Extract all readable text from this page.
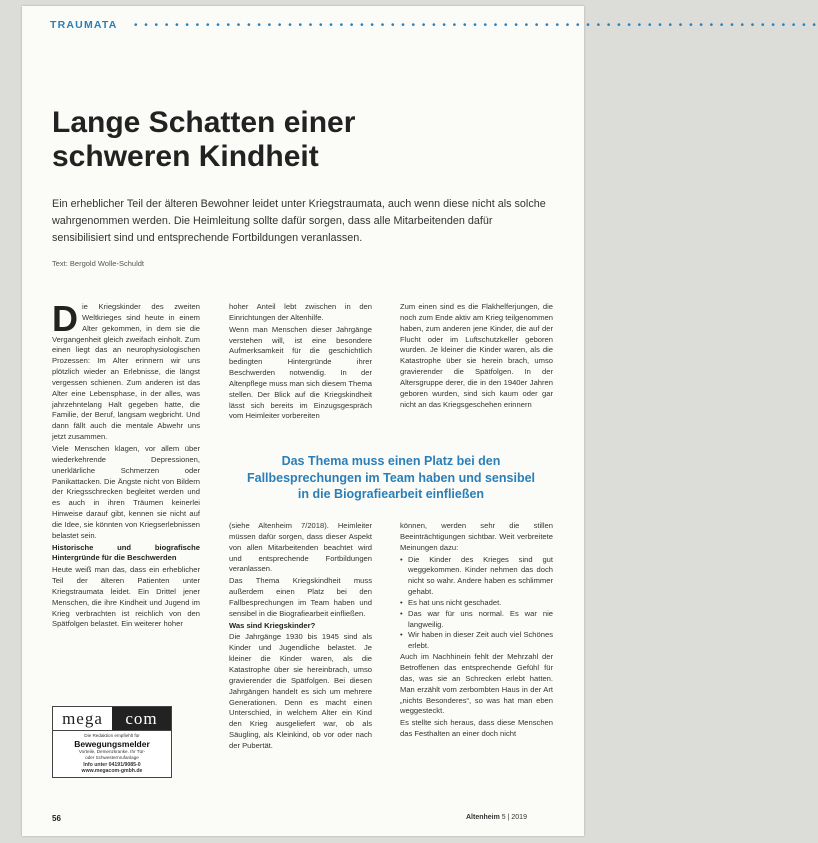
TRAUMATA • • • • • • • • • • • • • • • • • • • • • • • • • • • • • • • • • • • • • • • • • • • • • • • • • • • • • • • • • • • • • • • • • • •
Lange Schatten einer
schweren Kindheit

Ein erheblicher Teil der älteren Bewohner leidet unter Kriegstraumata, auch wenn diese nicht als solche wahrgenommen werden. Die Heimleitung sollte dafür sorgen, dass alle Mitarbeitenden dafür sensibilisiert sind und entsprechende Fortbildungen veranlassen.

Text: Bergold Wolle-Schuldt

Die Kriegskinder des zweiten Weltkrieges sind heute in einem Alter gekommen, in dem sie die Vergangenheit gleich zweifach einholt. Zum einen liegt das an neurophysiologischen Prozessen: Im Alter erinnern wir uns plötzlich wieder an Erlebnisse, die längst vergessen schienen. Zum anderen ist das Alter eine Lebensphase, in der alles, was jahrzehntelang Halt gegeben hatte, die Familie, der Beruf, langsam wegbricht. Und dann fällt auch die mentale Abwehr uns jetzt zusammen.

Viele Menschen klagen, vor allem über wiederkehrende Depressionen, unerklärliche Schmerzen oder Panikattacken. Die Ängste nicht von Bildern der Kriegsschrecken begleitet werden und es auch in ihren Träumen keinerlei Hinweise darauf gibt, kennen sie nicht auf die Idee, sie könnten von Kriegserlebnissen belastet sein.

Historische und biografische Hintergründe für die Beschwerden

Heute weiß man das, dass ein erheblicher Teil der älteren Patienten unter Kriegstraumata leidet. Ein Drittel jener Menschen, die ihre Kindheit und Jugend im Krieg verbrachten ist reichlich von den Spätfolgen belastet. Ein weiterer hoher

hoher Anteil lebt zwischen in den Einrichtungen der Altenhilfe.

Wenn man Menschen dieser Jahrgänge verstehen will, ist eine besondere Aufmerksamkeit für die geschichtlich bedingten Hintergründe ihrer Beschwerden notwendig. In der Altenpflege muss man sich diesem Thema stellen. Der Blick auf die Kriegskindheit lässt sich bereits im Einzugsgespräch vom Heimleiter vorbereiten

Zum einen sind es die Flakhelferjungen, die noch zum Ende aktiv am Krieg teilgenommen haben, zum anderen jene Kinder, die auf der Flucht oder im Luftschutzkeller geboren wurden. Je kleiner die Kinder waren, als die Katastrophe über sie herein brach, umso gravierender die Spätfolgen. In der Altersgruppe derer, die in den 1940er Jahren geboren wurden, sind sich kaum oder gar nicht an das Kriegsgeschehen erinnern

Das Thema muss einen Platz bei den
Fallbesprechungen im Team haben und sensibel
in die Biografiearbeit einfließen

(siehe Altenheim 7/2018). Heimleiter müssen dafür sorgen, dass dieser Aspekt von allen Mitarbeitenden beachtet wird und entsprechende Fortbildungen veranlassen.

Das Thema Kriegskindheit muss außerdem einen Platz bei den Fallbesprechungen im Team haben und sensibel in die Biografiearbeit einfließen.

Was sind Kriegskinder?

Die Jahrgänge 1930 bis 1945 sind als Kinder und Jugendliche belastet. Je kleiner die Kinder waren, als die Katastrophe über sie hereinbrach, umso gravierender die Spätfolgen. Bei diesen Jahrgängen handelt es sich um mehrere Generationen. Denn es macht einen Unterschied, in welchem Alter ein Kind den Krieg ausgeliefert war, ob als Säugling, als Kleinkind, ob vor oder nach der Pubertät.

können, werden sehr die stillen Beeinträchtigungen sichtbar. Weit verbreitete Meinungen dazu:

• Die Kinder des Krieges sind gut weggekommen. Kinder nehmen das doch nicht so wahr. Andere haben es schlimmer gehabt.
• Es hat uns nicht geschadet.
• Das war für uns normal. Es war nie langweilig.
• Wir haben in dieser Zeit auch viel Schönes erlebt.

Auch im Nachhinein fehlt der Mehrzahl der Betroffenen das entsprechende Gefühl für das, was sie an Schrecken erlebt hatten. Man erzählt vom zerbombten Haus in der Art „nichts Besonderes“, so was hat man eben weggesteckt.

Es stellte sich heraus, dass diese Menschen das Festhalten an einer doch nicht

mega	com
Die Redaktion empfiehlt für
Bewegungsmelder
Vorteile, Demenzkranke. Ihr Tür-
oder Schwesternrufanlage
Info unter 04191/9085-0
www.megacom-gmbh.de
56	Altenheim 5 | 2019
